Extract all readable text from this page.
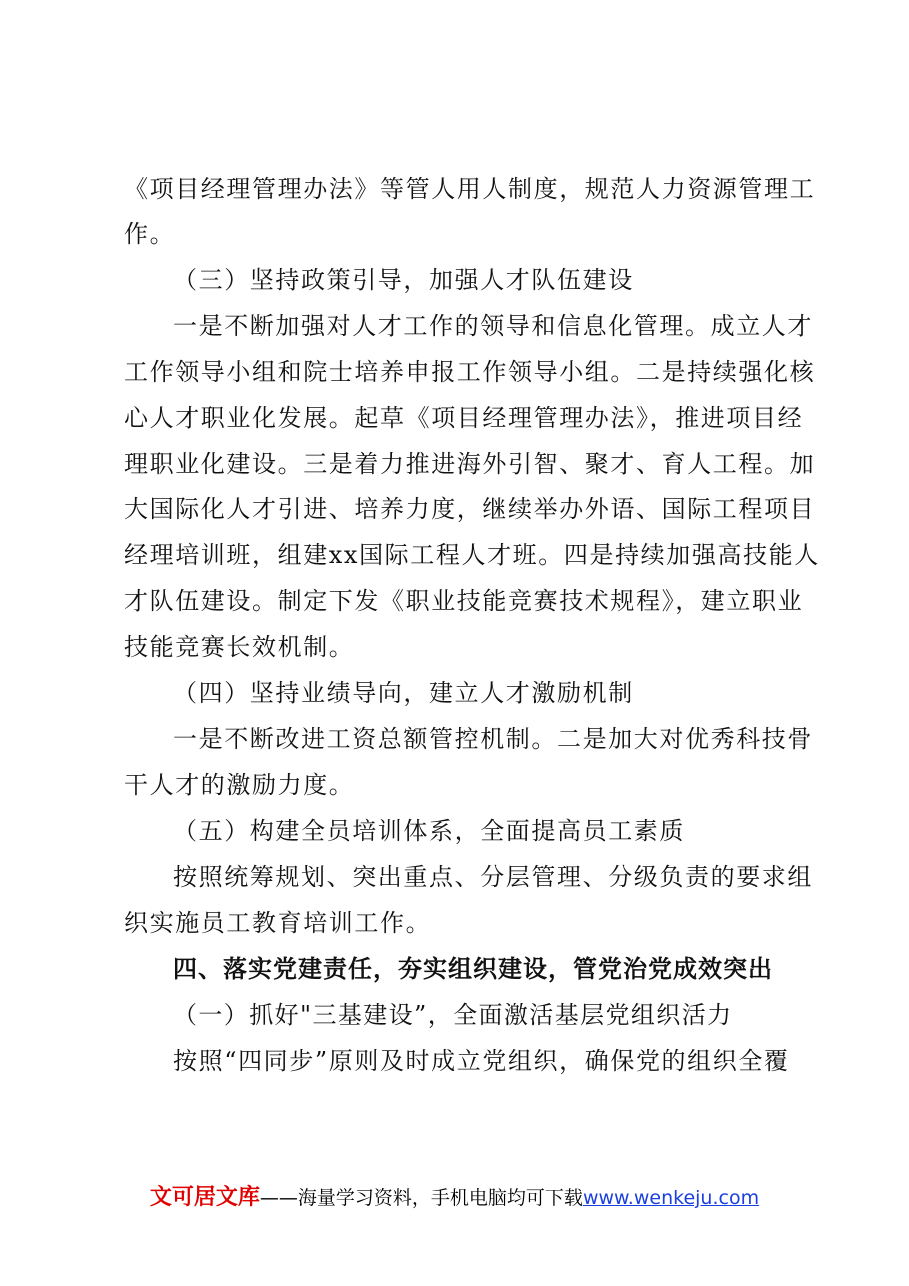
《项目经理管理办法》等管人用人制度，规范人力资源管理工
作。
（三）坚持政策引导，加强人才队伍建设
一是不断加强对人才工作的领导和信息化管理。成立人才
工作领导小组和院士培养申报工作领导小组。二是持续强化核
心人才职业化发展。起草《项目经理管理办法》，推进项目经
理职业化建设。三是着力推进海外引智、聚才、育人工程。加
大国际化人才引进、培养力度，继续举办外语、国际工程项目
经理培训班，组建xx国际工程人才班。四是持续加强高技能人
才队伍建设。制定下发《职业技能竞赛技术规程》，建立职业
技能竞赛长效机制。
（四）坚持业绩导向，建立人才激励机制
一是不断改进工资总额管控机制。二是加大对优秀科技骨
干人才的激励力度。
（五）构建全员培训体系，全面提高员工素质
按照统筹规划、突出重点、分层管理、分级负责的要求组
织实施员工教育培训工作。
四、落实党建责任，夯实组织建设，管党治党成效突出
（一）抓好"三基建设”，全面激活基层党组织活力
按照“四同步”原则及时成立党组织，确保党的组织全覆
文可居文库——海量学习资料，手机电脑均可下载www.wenkeju.com
